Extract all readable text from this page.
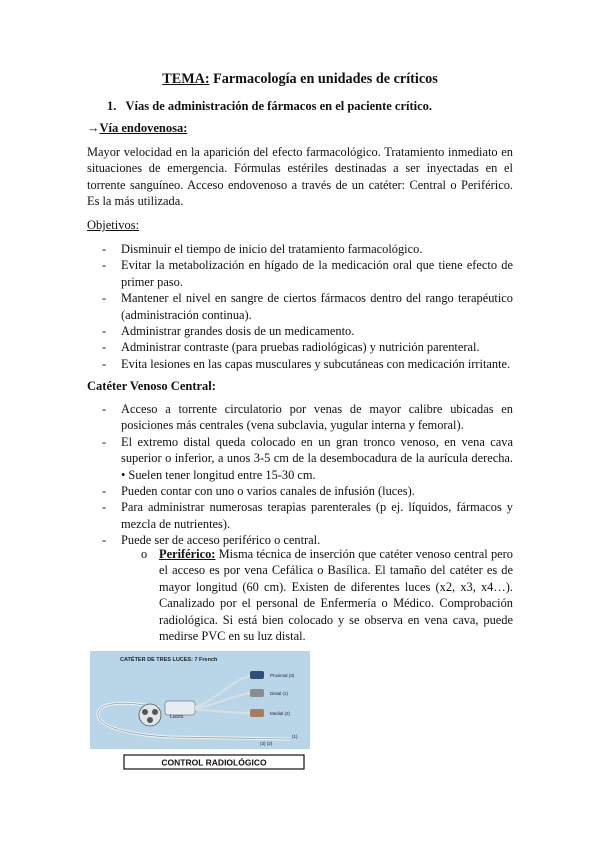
TEMA: Farmacología en unidades de críticos
1. Vías de administración de fármacos en el paciente crítico.
→Vía endovenosa:
Mayor velocidad en la aparición del efecto farmacológico. Tratamiento inmediato en situaciones de emergencia. Fórmulas estériles destinadas a ser inyectadas en el torrente sanguíneo. Acceso endovenoso a través de un catéter: Central o Periférico. Es la más utilizada.
Objetivos:
- Disminuir el tiempo de inicio del tratamiento farmacológico.
- Evitar la metabolización en hígado de la medicación oral que tiene efecto de primer paso.
- Mantener el nivel en sangre de ciertos fármacos dentro del rango terapéutico (administración continua).
- Administrar grandes dosis de un medicamento.
- Administrar contraste (para pruebas radiológicas) y nutrición parenteral.
- Evita lesiones en las capas musculares y subcutáneas con medicación irritante.
Catéter Venoso Central:
- Acceso a torrente circulatorio por venas de mayor calibre ubicadas en posiciones más centrales (vena subclavia, yugular interna y femoral).
- El extremo distal queda colocado en un gran tronco venoso, en vena cava superior o inferior, a unos 3-5 cm de la desembocadura de la aurícula derecha. • Suelen tener longitud entre 15-30 cm.
- Pueden contar con uno o varios canales de infusión (luces).
- Para administrar numerosas terapias parenterales (p ej. líquidos, fármacos y mezcla de nutrientes).
- Puede ser de acceso periférico o central.
o Periférico: Misma técnica de inserción que catéter venoso central pero el acceso es por vena Cefálica o Basílica. El tamaño del catéter es de mayor longitud (60 cm). Existen de diferentes luces (x2, x3, x4…). Canalizado por el personal de Enfermería o Médico. Comprobación radiológica. Si está bien colocado y se observa en vena cava, puede medirse PVC en su luz distal.
CATÉTER DE TRES LUCES: 7 French
Luces
Proximal (3)
Distal (1)
Medial (2)
(1)
(3) (2)
CONTROL RADIOLÓGICO
